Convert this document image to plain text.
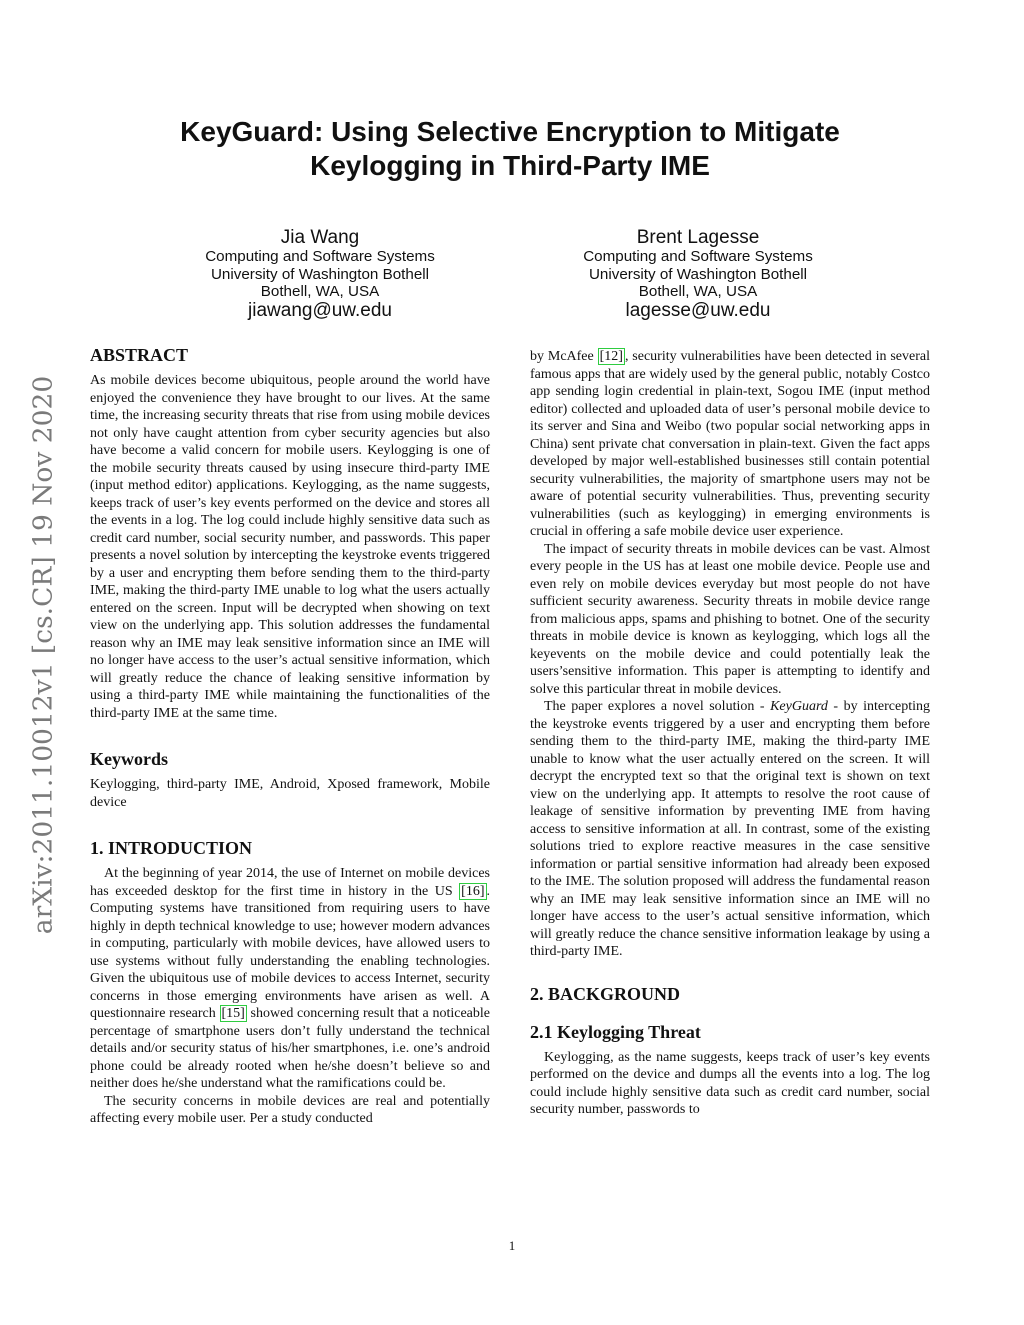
arXiv:2011.10012v1 [cs.CR] 19 Nov 2020
KeyGuard: Using Selective Encryption to Mitigate
Keylogging in Third-Party IME
Jia Wang
Computing and Software Systems
University of Washington Bothell
Bothell, WA, USA
jiawang@uw.edu
Brent Lagesse
Computing and Software Systems
University of Washington Bothell
Bothell, WA, USA
lagesse@uw.edu
ABSTRACT

As mobile devices become ubiquitous, people around the world have enjoyed the convenience they have brought to our lives. At the same time, the increasing security threats that rise from using mobile devices not only have caught attention from cyber security agencies but also have become a valid concern for mobile users. Keylogging is one of the mobile security threats caused by using insecure third-party IME (input method editor) applications. Keylogging, as the name suggests, keeps track of user’s key events performed on the device and stores all the events in a log. The log could include highly sensitive data such as credit card number, social security number, and passwords. This paper presents a novel solution by intercepting the keystroke events triggered by a user and encrypting them before sending them to the third-party IME, making the third-party IME unable to log what the users actually entered on the screen. Input will be decrypted when showing on text view on the underlying app. This solution addresses the fundamental reason why an IME may leak sensitive information since an IME will no longer have access to the user’s actual sensitive information, which will greatly reduce the chance of leaking sensitive information by using a third-party IME while maintaining the functionalities of the third-party IME at the same time.

Keywords

Keylogging, third-party IME, Android, Xposed framework, Mobile device

1. INTRODUCTION

At the beginning of year 2014, the use of Internet on mobile devices has exceeded desktop for the first time in history in the US [16] . Computing systems have transitioned from requiring users to have highly in depth technical knowledge to use; however modern advances in computing, particularly with mobile devices, have allowed users to use systems without fully understanding the enabling technologies. Given the ubiquitous use of mobile devices to access Internet, security concerns in those emerging environments have arisen as well. A questionnaire research [15] showed concerning result that a noticeable percentage of smartphone users don’t fully understand the technical details and/or security status of his/her smartphones, i.e. one’s android phone could be already rooted when he/she doesn’t believe so and neither does he/she understand what the ramifications could be.

The security concerns in mobile devices are real and potentially affecting every mobile user. Per a study conducted

by McAfee [12] , security vulnerabilities have been detected in several famous apps that are widely used by the general public, notably Costco app sending login credential in plain-text, Sogou IME (input method editor) collected and uploaded data of user’s personal mobile device to its server and Sina and Weibo (two popular social networking apps in China) sent private chat conversation in plain-text. Given the fact apps developed by major well-established businesses still contain potential security vulnerabilities, the majority of smartphone users may not be aware of potential security vulnerabilities. Thus, preventing security vulnerabilities (such as keylogging) in emerging environments is crucial in offering a safe mobile device user experience.

The impact of security threats in mobile devices can be vast. Almost every people in the US has at least one mobile device. People use and even rely on mobile devices everyday but most people do not have sufficient security awareness. Security threats in mobile device range from malicious apps, spams and phishing to botnet. One of the security threats in mobile device is known as keylogging, which logs all the keyevents on the mobile device and could potentially leak the users’sensitive information. This paper is attempting to identify and solve this particular threat in mobile devices.

The paper explores a novel solution - KeyGuard - by intercepting the keystroke events triggered by a user and encrypting them before sending them to the third-party IME, making the third-party IME unable to know what the user actually entered on the screen. It will decrypt the encrypted text so that the original text is shown on text view on the underlying app. It attempts to resolve the root cause of leakage of sensitive information by preventing IME from having access to sensitive information at all. In contrast, some of the existing solutions tried to explore reactive measures in the case sensitive information or partial sensitive information had already been exposed to the IME. The solution proposed will address the fundamental reason why an IME may leak sensitive information since an IME will no longer have access to the user’s actual sensitive information, which will greatly reduce the chance sensitive information leakage by using a third-party IME.

2. BACKGROUND
2.1 Keylogging Threat

Keylogging, as the name suggests, keeps track of user’s key events performed on the device and dumps all the events into a log. The log could include highly sensitive data such as credit card number, social security number, passwords to

1
